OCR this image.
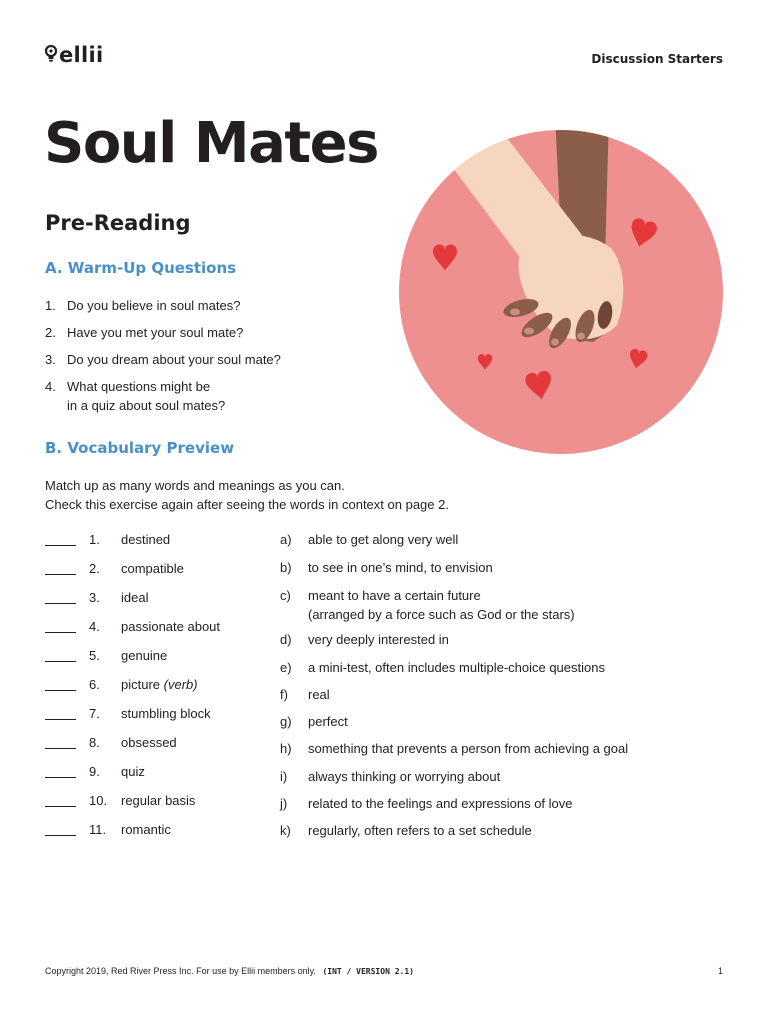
ellii	Discussion Starters
Soul Mates
Pre-Reading
A. Warm-Up Questions
1. Do you believe in soul mates?
2. Have you met your soul mate?
3. Do you dream about your soul mate?
4. What questions might be
in a quiz about soul mates?
B. Vocabulary Preview

Match up as many words and meanings as you can.

Check this exercise again after seeing the words in context on page 2.

1. destined
2. compatible
3. ideal
4. passionate about
5. genuine
6. picture (verb)
7. stumbling block
8. obsessed
9. quiz
10. regular basis
11. romantic
a) able to get along very well
b) to see in one’s mind, to envision
c) meant to have a certain future
(arranged by a force such as God or the stars)
d) very deeply interested in
e) a mini-test, often includes multiple-choice questions
f) real
g) perfect
h) something that prevents a person from achieving a goal
i) always thinking or worrying about
j) related to the feelings and expressions of love
k) regularly, often refers to a set schedule
Copyright 2019, Red River Press Inc. For use by Ellii members only. (INT / VERSION 2.1)	1
